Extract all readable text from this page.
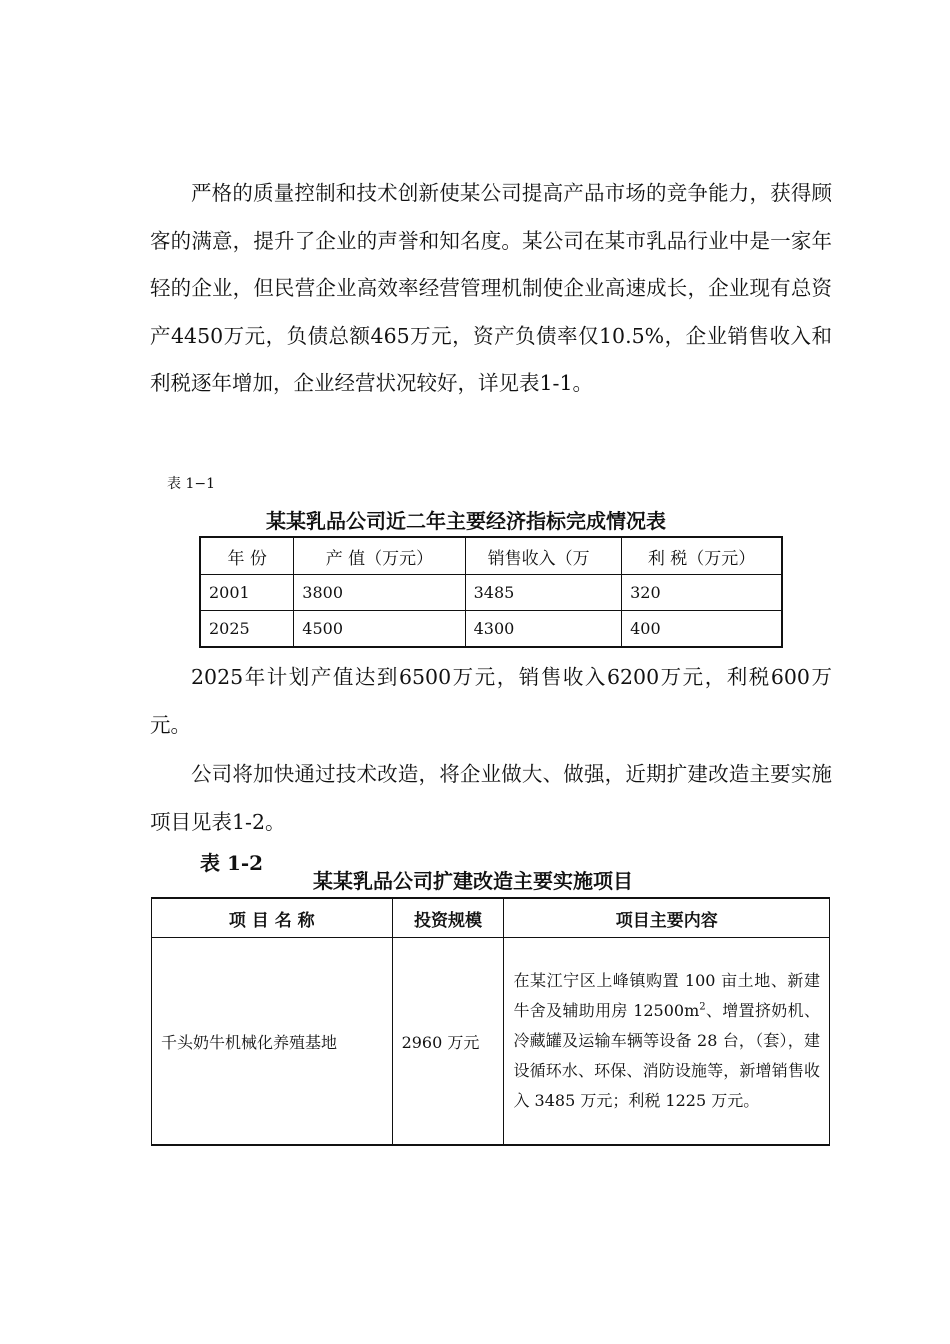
严格的质量控制和技术创新使某公司提高产品市场的竞争能力，获得顾客的满意，提升了企业的声誉和知名度。某公司在某市乳品行业中是一家年轻的企业，但民营企业高效率经营管理机制使企业高速成长，企业现有总资产4450万元，负债总额465万元，资产负债率仅10.5%，企业销售收入和利税逐年增加，企业经营状况较好，详见表1-1。

表 1−1
某某乳品公司近二年主要经济指标完成情况表
年 份	产 值（万元）	销售收入（万	利 税（万元）
2001	3800	3485	320
2025	4500	4300	400

2025年计划产值达到6500万元，销售收入6200万元，利税600万元。

公司将加快通过技术改造，将企业做大、做强，近期扩建改造主要实施项目见表1-2。

表 1-2
某某乳品公司扩建改造主要实施项目
项 目 名 称	投资规模	项目主要内容
千头奶牛机械化养殖基地	2960 万元	在某江宁区上峰镇购置 100 亩土地、新建牛舍及辅助用房 $12500m^2$、增置挤奶机、冷藏罐及运输车辆等设备 28 台，（套），建设循环水、环保、消防设施等，新增销售收入 3485 万元；利税 1225 万元。
